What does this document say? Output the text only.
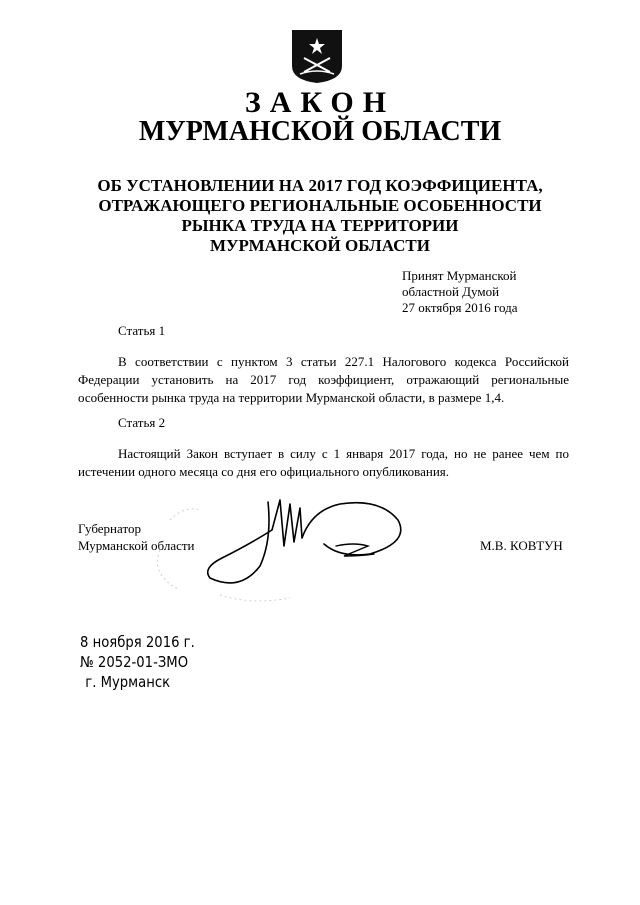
ЗАКОН
МУРМАНСКОЙ ОБЛАСТИ
ОБ УСТАНОВЛЕНИИ НА 2017 ГОД КОЭФФИЦИЕНТА,
ОТРАЖАЮЩЕГО РЕГИОНАЛЬНЫЕ ОСОБЕННОСТИ
РЫНКА ТРУДА НА ТЕРРИТОРИИ
МУРМАНСКОЙ ОБЛАСТИ
Принят Мурманской
областной Думой
27 октября 2016 года
Статья 1
В соответствии с пунктом 3 статьи 227.1 Налогового кодекса Российской
Федерации установить на 2017 год коэффициент, отражающий региональные
особенности рынка труда на территории Мурманской области, в размере 1,4.
Статья 2
Настоящий Закон вступает в силу с 1 января 2017 года, но не ранее чем по
истечении одного месяца со дня его официального опубликования.
Губернатор
Мурманской области	М.В. КОВТУН
8 ноября 2016 г.
№ 2052-01-ЗМО
г. Мурманск
